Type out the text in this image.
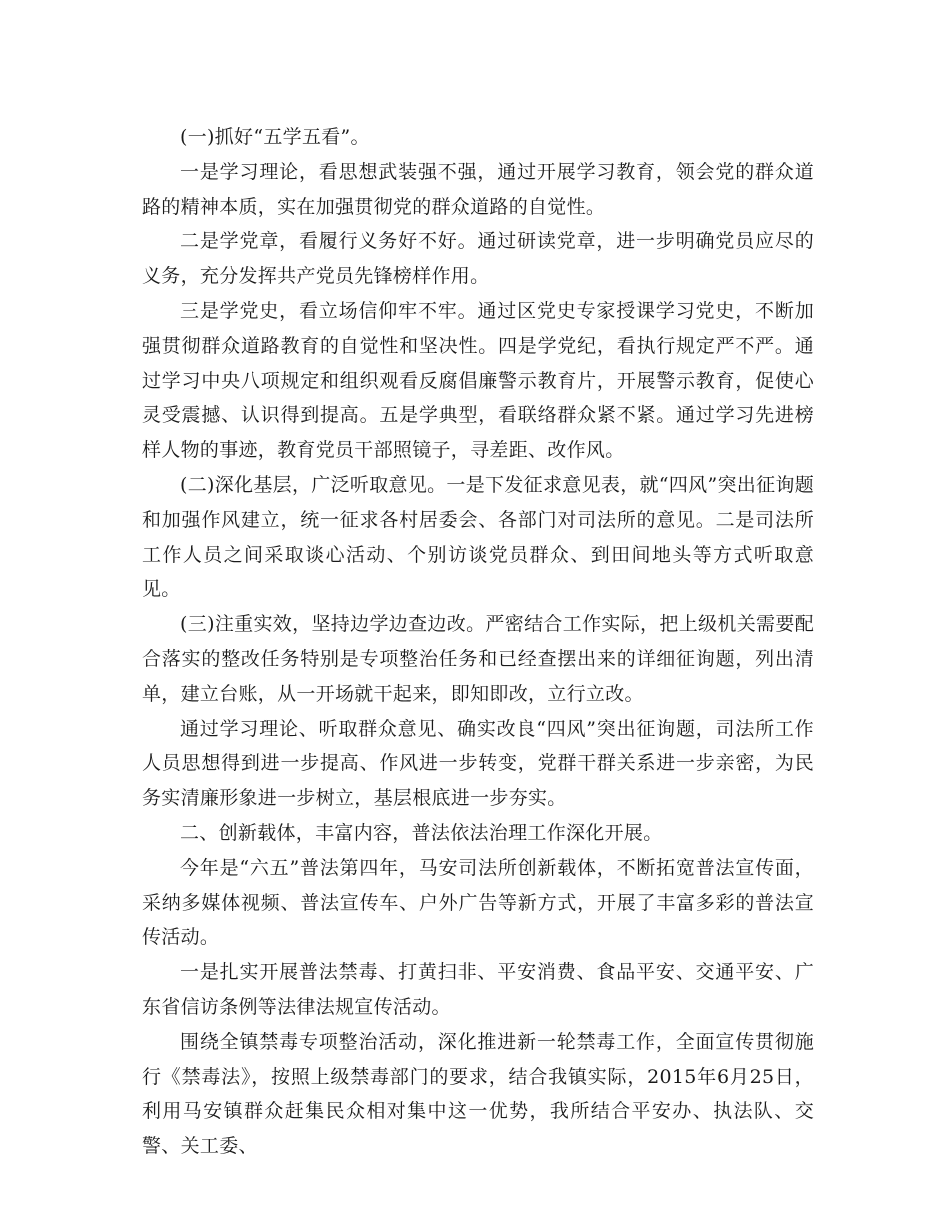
(一)抓好“五学五看”。

一是学习理论，看思想武装强不强，通过开展学习教育，领会党的群众道路的精神本质，实在加强贯彻党的群众道路的自觉性。

二是学党章，看履行义务好不好。通过研读党章，进一步明确党员应尽的义务，充分发挥共产党员先锋榜样作用。

三是学党史，看立场信仰牢不牢。通过区党史专家授课学习党史，不断加强贯彻群众道路教育的自觉性和坚决性。四是学党纪，看执行规定严不严。通过学习中央八项规定和组织观看反腐倡廉警示教育片，开展警示教育，促使心灵受震撼、认识得到提高。五是学典型，看联络群众紧不紧。通过学习先进榜样人物的事迹，教育党员干部照镜子，寻差距、改作风。

(二)深化基层，广泛听取意见。一是下发征求意见表，就“四风”突出征询题和加强作风建立，统一征求各村居委会、各部门对司法所的意见。二是司法所工作人员之间采取谈心活动、个别访谈党员群众、到田间地头等方式听取意见。

(三)注重实效，坚持边学边查边改。严密结合工作实际，把上级机关需要配合落实的整改任务特别是专项整治任务和已经查摆出来的详细征询题，列出清单，建立台账，从一开场就干起来，即知即改，立行立改。

通过学习理论、听取群众意见、确实改良“四风”突出征询题，司法所工作人员思想得到进一步提高、作风进一步转变，党群干群关系进一步亲密，为民务实清廉形象进一步树立，基层根底进一步夯实。

二、创新载体，丰富内容，普法依法治理工作深化开展。

今年是“六五”普法第四年，马安司法所创新载体，不断拓宽普法宣传面，采纳多媒体视频、普法宣传车、户外广告等新方式，开展了丰富多彩的普法宣传活动。

一是扎实开展普法禁毒、打黄扫非、平安消费、食品平安、交通平安、广东省信访条例等法律法规宣传活动。

围绕全镇禁毒专项整治活动，深化推进新一轮禁毒工作，全面宣传贯彻施行《禁毒法》，按照上级禁毒部门的要求，结合我镇实际，2015年6月25日，利用马安镇群众赶集民众相对集中这一优势，我所结合平安办、执法队、交警、关工委、
